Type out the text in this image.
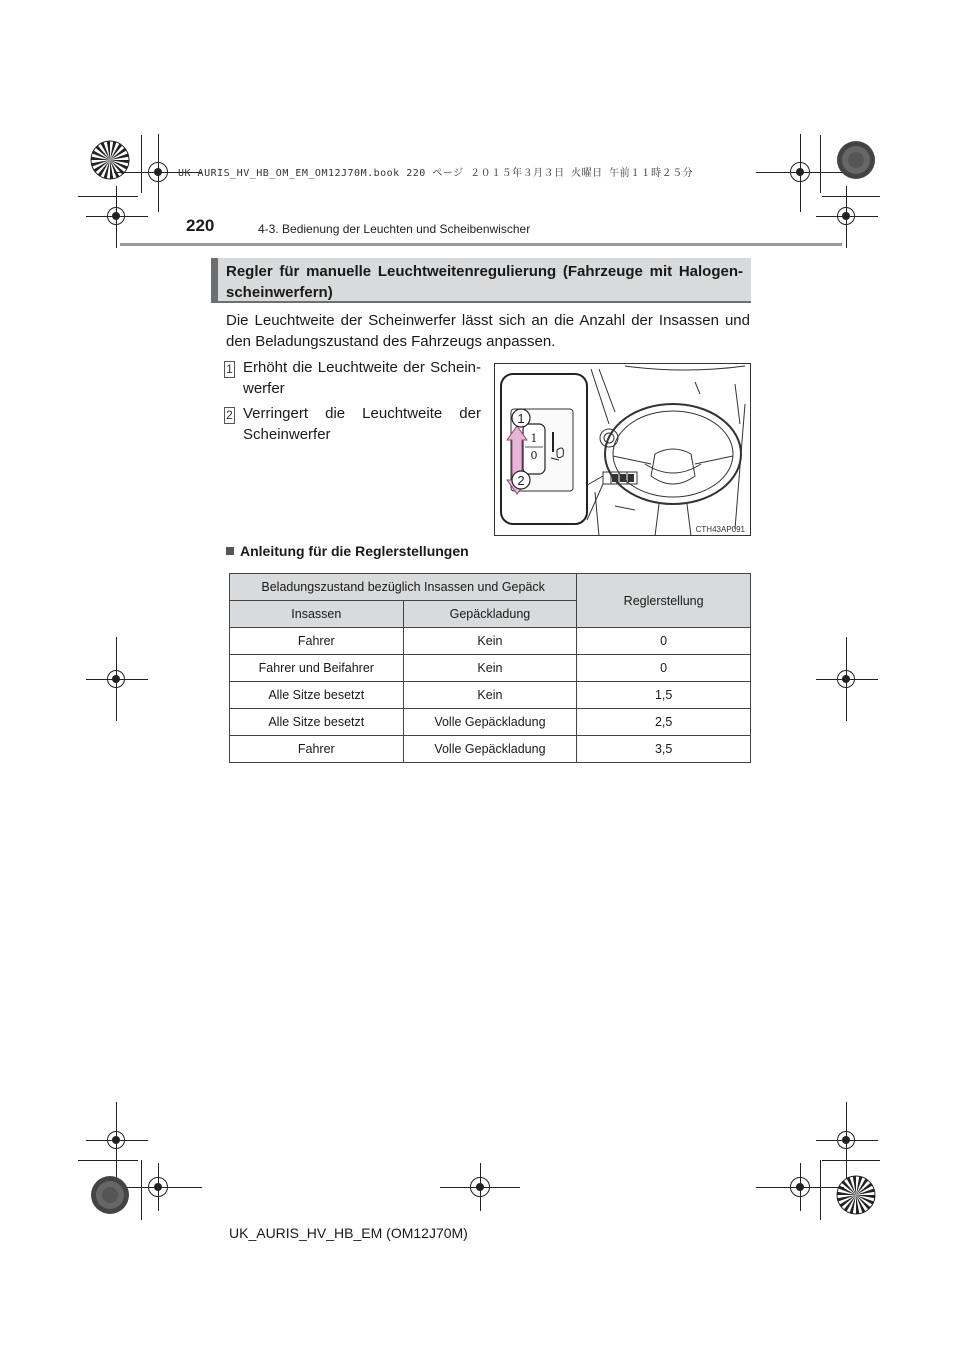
UK AURIS_HV_HB_OM_EM_OM12J70M.book 220 ページ ２０１５年３月３日 火曜日 午前１１時２５分
220	4-3. Bedienung der Leuchten und Scheibenwischer
Regler für manuelle Leuchtweitenregulierung (Fahrzeuge mit Halogen-scheinwerfern)
Die Leuchtweite der Scheinwerfer lässt sich an die Anzahl der Insassen und den Beladungszustand des Fahrzeugs anpassen.
1 Erhöht die Leuchtweite der Schein-werfer
2 Verringert die Leuchtweite der Scheinwerfer	1
0
1
2
CTH43AP091
Anleitung für die Reglerstellungen
Beladungszustand bezüglich Insassen und Gepäck		Reglerstellung
Insassen	Gepäckladung	
Fahrer	Kein	0
Fahrer und Beifahrer	Kein	0
Alle Sitze besetzt	Kein	1,5
Alle Sitze besetzt	Volle Gepäckladung	2,5
Fahrer	Volle Gepäckladung	3,5
UK_AURIS_HV_HB_EM (OM12J70M)
